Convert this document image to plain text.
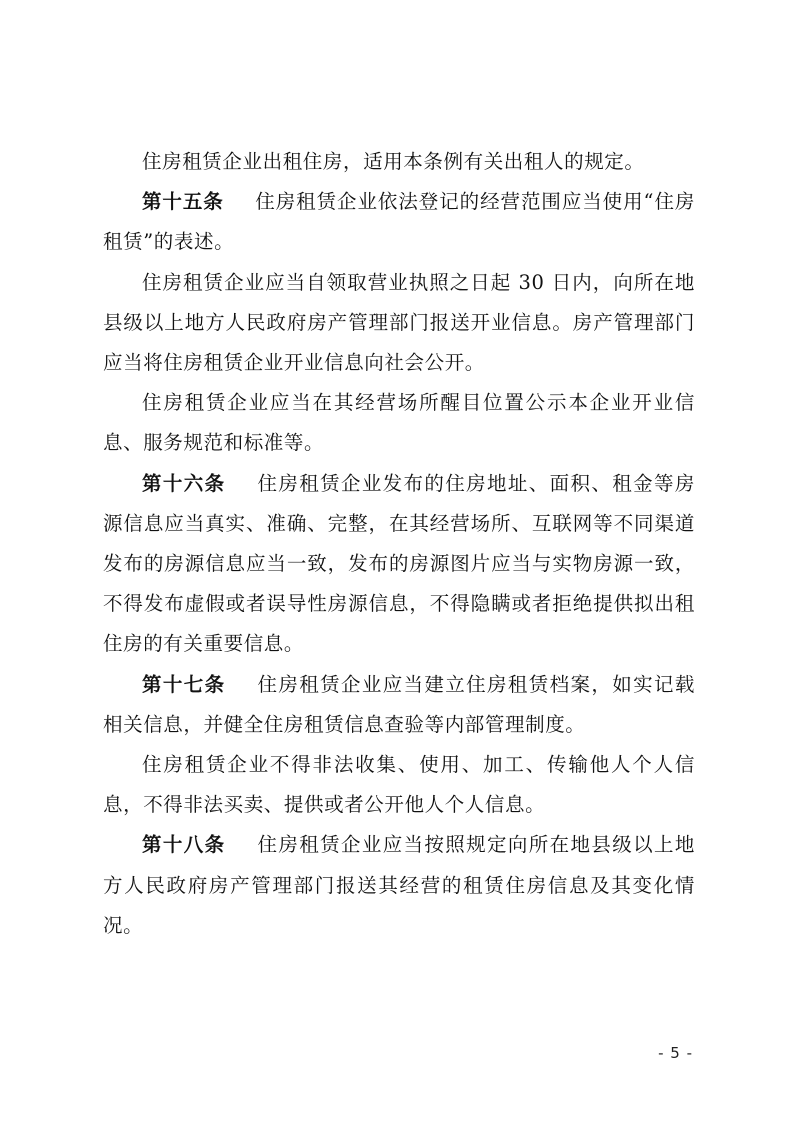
住房租赁企业出租住房，适用本条例有关出租人的规定。

第十五条 住房租赁企业依法登记的经营范围应当使用“住房租赁”的表述。

住房租赁企业应当自领取营业执照之日起 30 日内，向所在地县级以上地方人民政府房产管理部门报送开业信息。房产管理部门应当将住房租赁企业开业信息向社会公开。

住房租赁企业应当在其经营场所醒目位置公示本企业开业信息、服务规范和标准等。

第十六条 住房租赁企业发布的住房地址、面积、租金等房源信息应当真实、准确、完整，在其经营场所、互联网等不同渠道发布的房源信息应当一致，发布的房源图片应当与实物房源一致，不得发布虚假或者误导性房源信息，不得隐瞒或者拒绝提供拟出租住房的有关重要信息。

第十七条 住房租赁企业应当建立住房租赁档案，如实记载相关信息，并健全住房租赁信息查验等内部管理制度。

住房租赁企业不得非法收集、使用、加工、传输他人个人信息，不得非法买卖、提供或者公开他人个人信息。

第十八条 住房租赁企业应当按照规定向所在地县级以上地方人民政府房产管理部门报送其经营的租赁住房信息及其变化情况。

- 5 -
